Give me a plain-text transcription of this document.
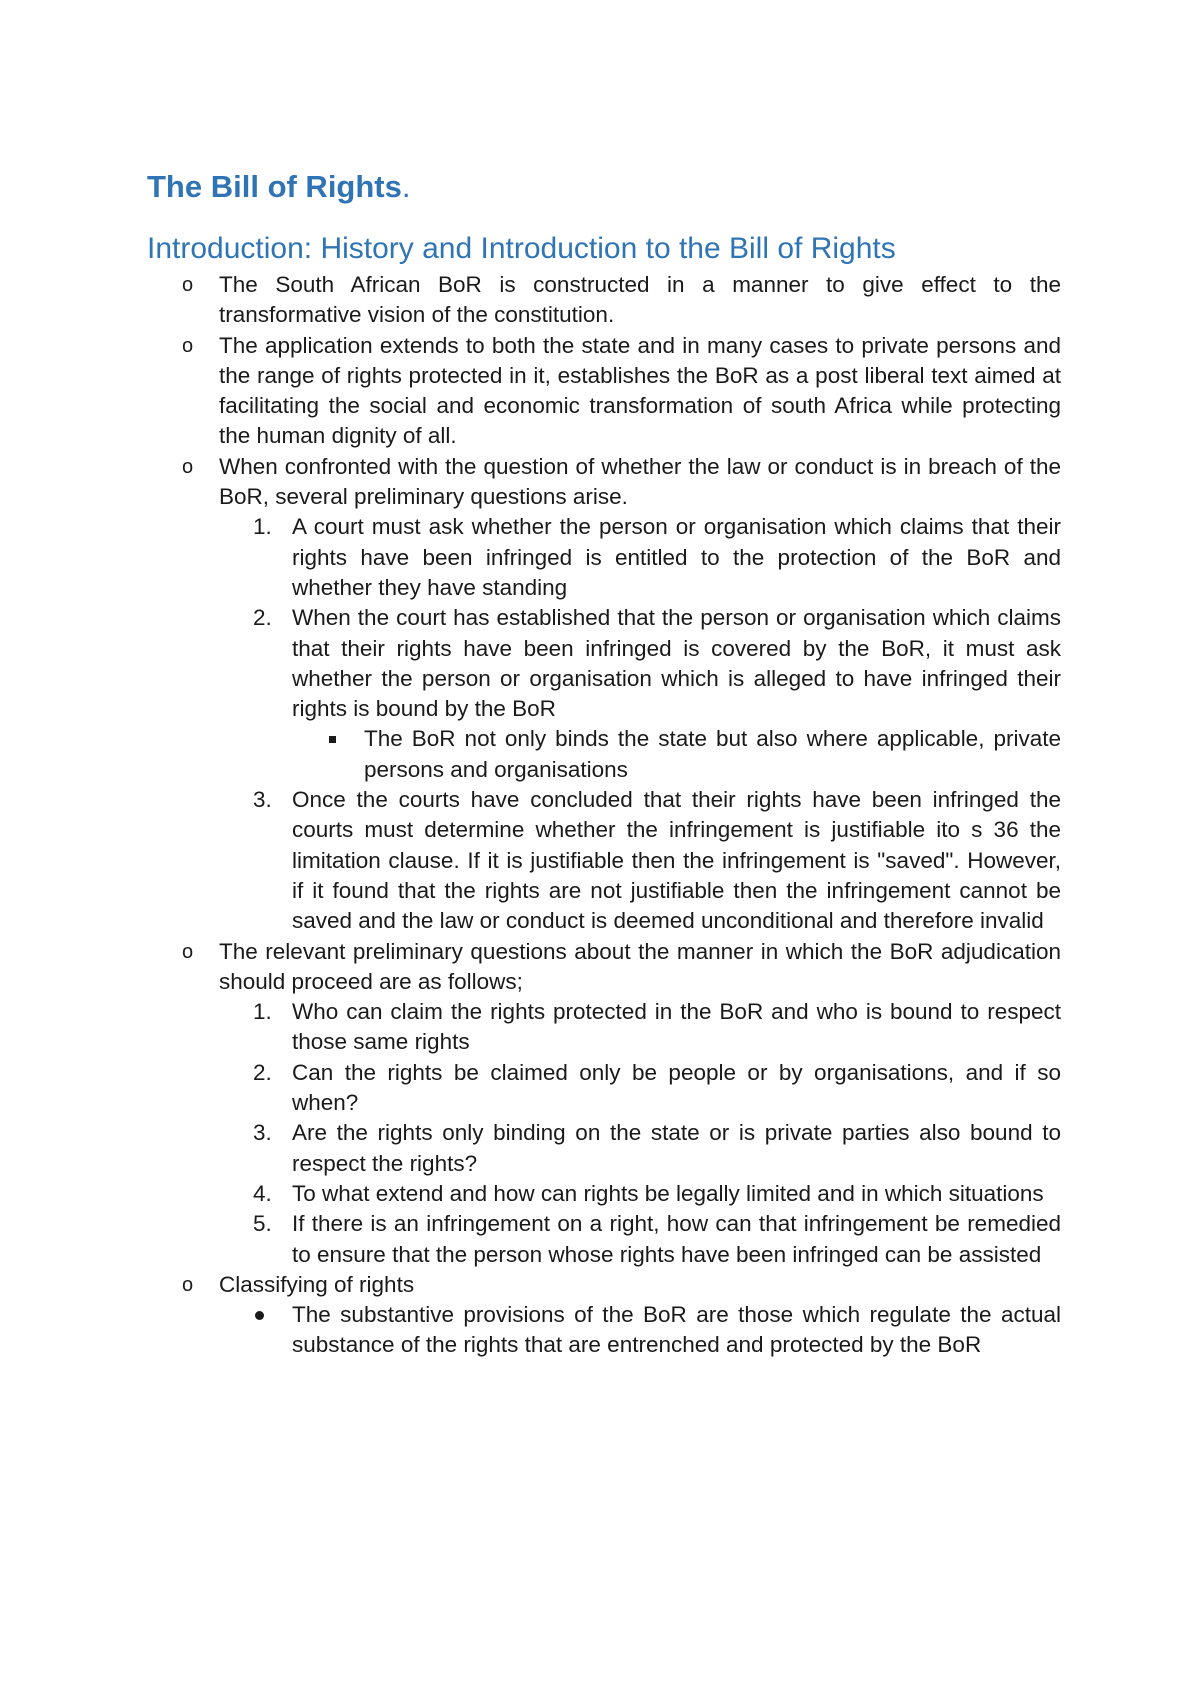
The Bill of Rights.
Introduction: History and Introduction to the Bill of Rights
o The South African BoR is constructed in a manner to give effect to the transformative vision of the constitution.
o The application extends to both the state and in many cases to private persons and the range of rights protected in it, establishes the BoR as a post liberal text aimed at facilitating the social and economic transformation of south Africa while protecting the human dignity of all.
o When confronted with the question of whether the law or conduct is in breach of the BoR, several preliminary questions arise.
1. A court must ask whether the person or organisation which claims that their rights have been infringed is entitled to the protection of the BoR and whether they have standing
2. When the court has established that the person or organisation which claims that their rights have been infringed is covered by the BoR, it must ask whether the person or organisation which is alleged to have infringed their rights is bound by the BoR
The BoR not only binds the state but also where applicable, private persons and organisations
3. Once the courts have concluded that their rights have been infringed the courts must determine whether the infringement is justifiable ito s 36 the limitation clause. If it is justifiable then the infringement is "saved". However, if it found that the rights are not justifiable then the infringement cannot be saved and the law or conduct is deemed unconditional and therefore invalid
o The relevant preliminary questions about the manner in which the BoR adjudication should proceed are as follows;
1. Who can claim the rights protected in the BoR and who is bound to respect those same rights
2. Can the rights be claimed only be people or by organisations, and if so when?
3. Are the rights only binding on the state or is private parties also bound to respect the rights?
4. To what extend and how can rights be legally limited and in which situations
5. If there is an infringement on a right, how can that infringement be remedied to ensure that the person whose rights have been infringed can be assisted
o Classifying of rights
The substantive provisions of the BoR are those which regulate the actual substance of the rights that are entrenched and protected by the BoR
